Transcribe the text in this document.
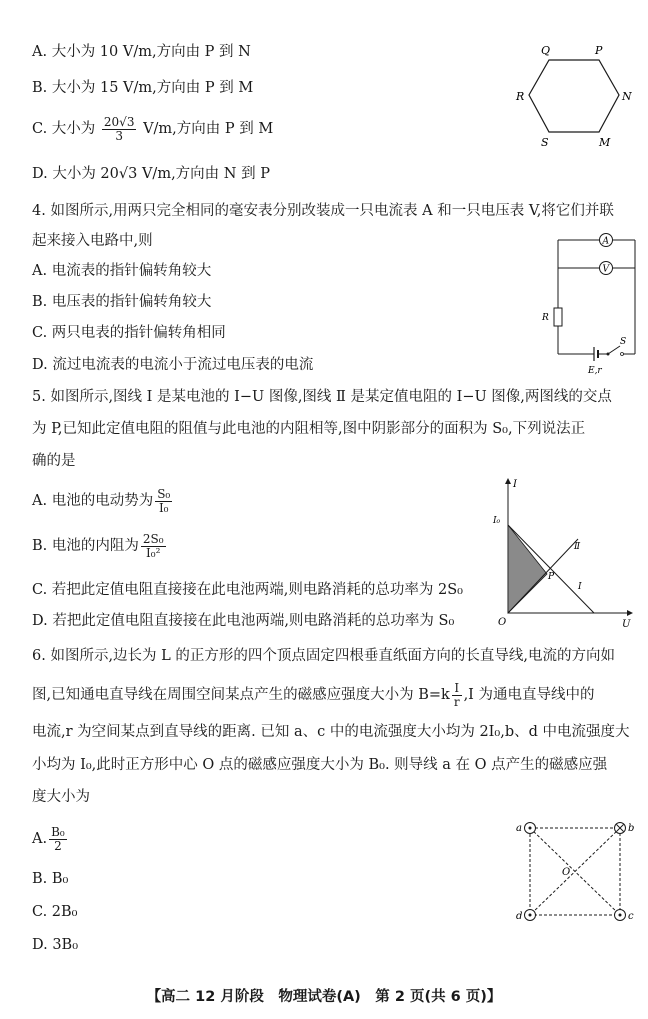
A. 大小为 10 V/m,方向由 P 到 N
B. 大小为 15 V/m,方向由 P 到 M
C. 大小为 $\frac{20√3}{3} V/m$,方向由 P 到 M
D. 大小为 20√3 V/m,方向由 N 到 P
Q	P
N
M
S
R
4. 如图所示,用两只完全相同的毫安表分别改装成一只电流表 A 和一只电压表 V,将它们并联
起来接入电路中,则
A. 电流表的指针偏转角较大
B. 电压表的指针偏转角较大
C. 两只电表的指针偏转角相同
D. 流过电流表的电流小于流过电压表的电流
A
V
R
E,r
S
5. 如图所示,图线 Ⅰ 是某电池的 I−U 图像,图线 Ⅱ 是某定值电阻的 I−U 图像,两图线的交点
为 P,已知此定值电阻的阻值与此电池的内阻相等,图中阴影部分的面积为 S₀,下列说法正
确的是
A. 电池的电动势为 $\frac{\text{S₀}}{\text{I₀}}$
B. 电池的内阻为 $\frac{\text{2S₀}}{\text{I₀²}}$
C. 若把此定值电阻直接接在此电池两端,则电路消耗的总功率为 2S₀
D. 若把此定值电阻直接接在此电池两端,则电路消耗的总功率为 S₀
I
U
O
I₀
P
Ⅰ
Ⅱ
6. 如图所示,边长为 L 的正方形的四个顶点固定四根垂直纸面方向的长直导线,电流的方向如
图,已知通电直导线在周围空间某点产生的磁感应强度大小为 $B=k \frac{I}{r} ,I$ 为通电直导线中的
电流,r 为空间某点到直导线的距离. 已知 a、c 中的电流强度大小均为 2I₀,b、d 中电流强度大
小均为 I₀,此时正方形中心 O 点的磁感应强度大小为 B₀. 则导线 a 在 O 点产生的磁感应强
度大小为
A. $\frac{\text{B₀}}{2}$
B. B₀
C. 2B₀
D. 3B₀
a	b
c
d
O
【高二 12 月阶段　物理试卷(A)　第 2 页(共 6 页)】
